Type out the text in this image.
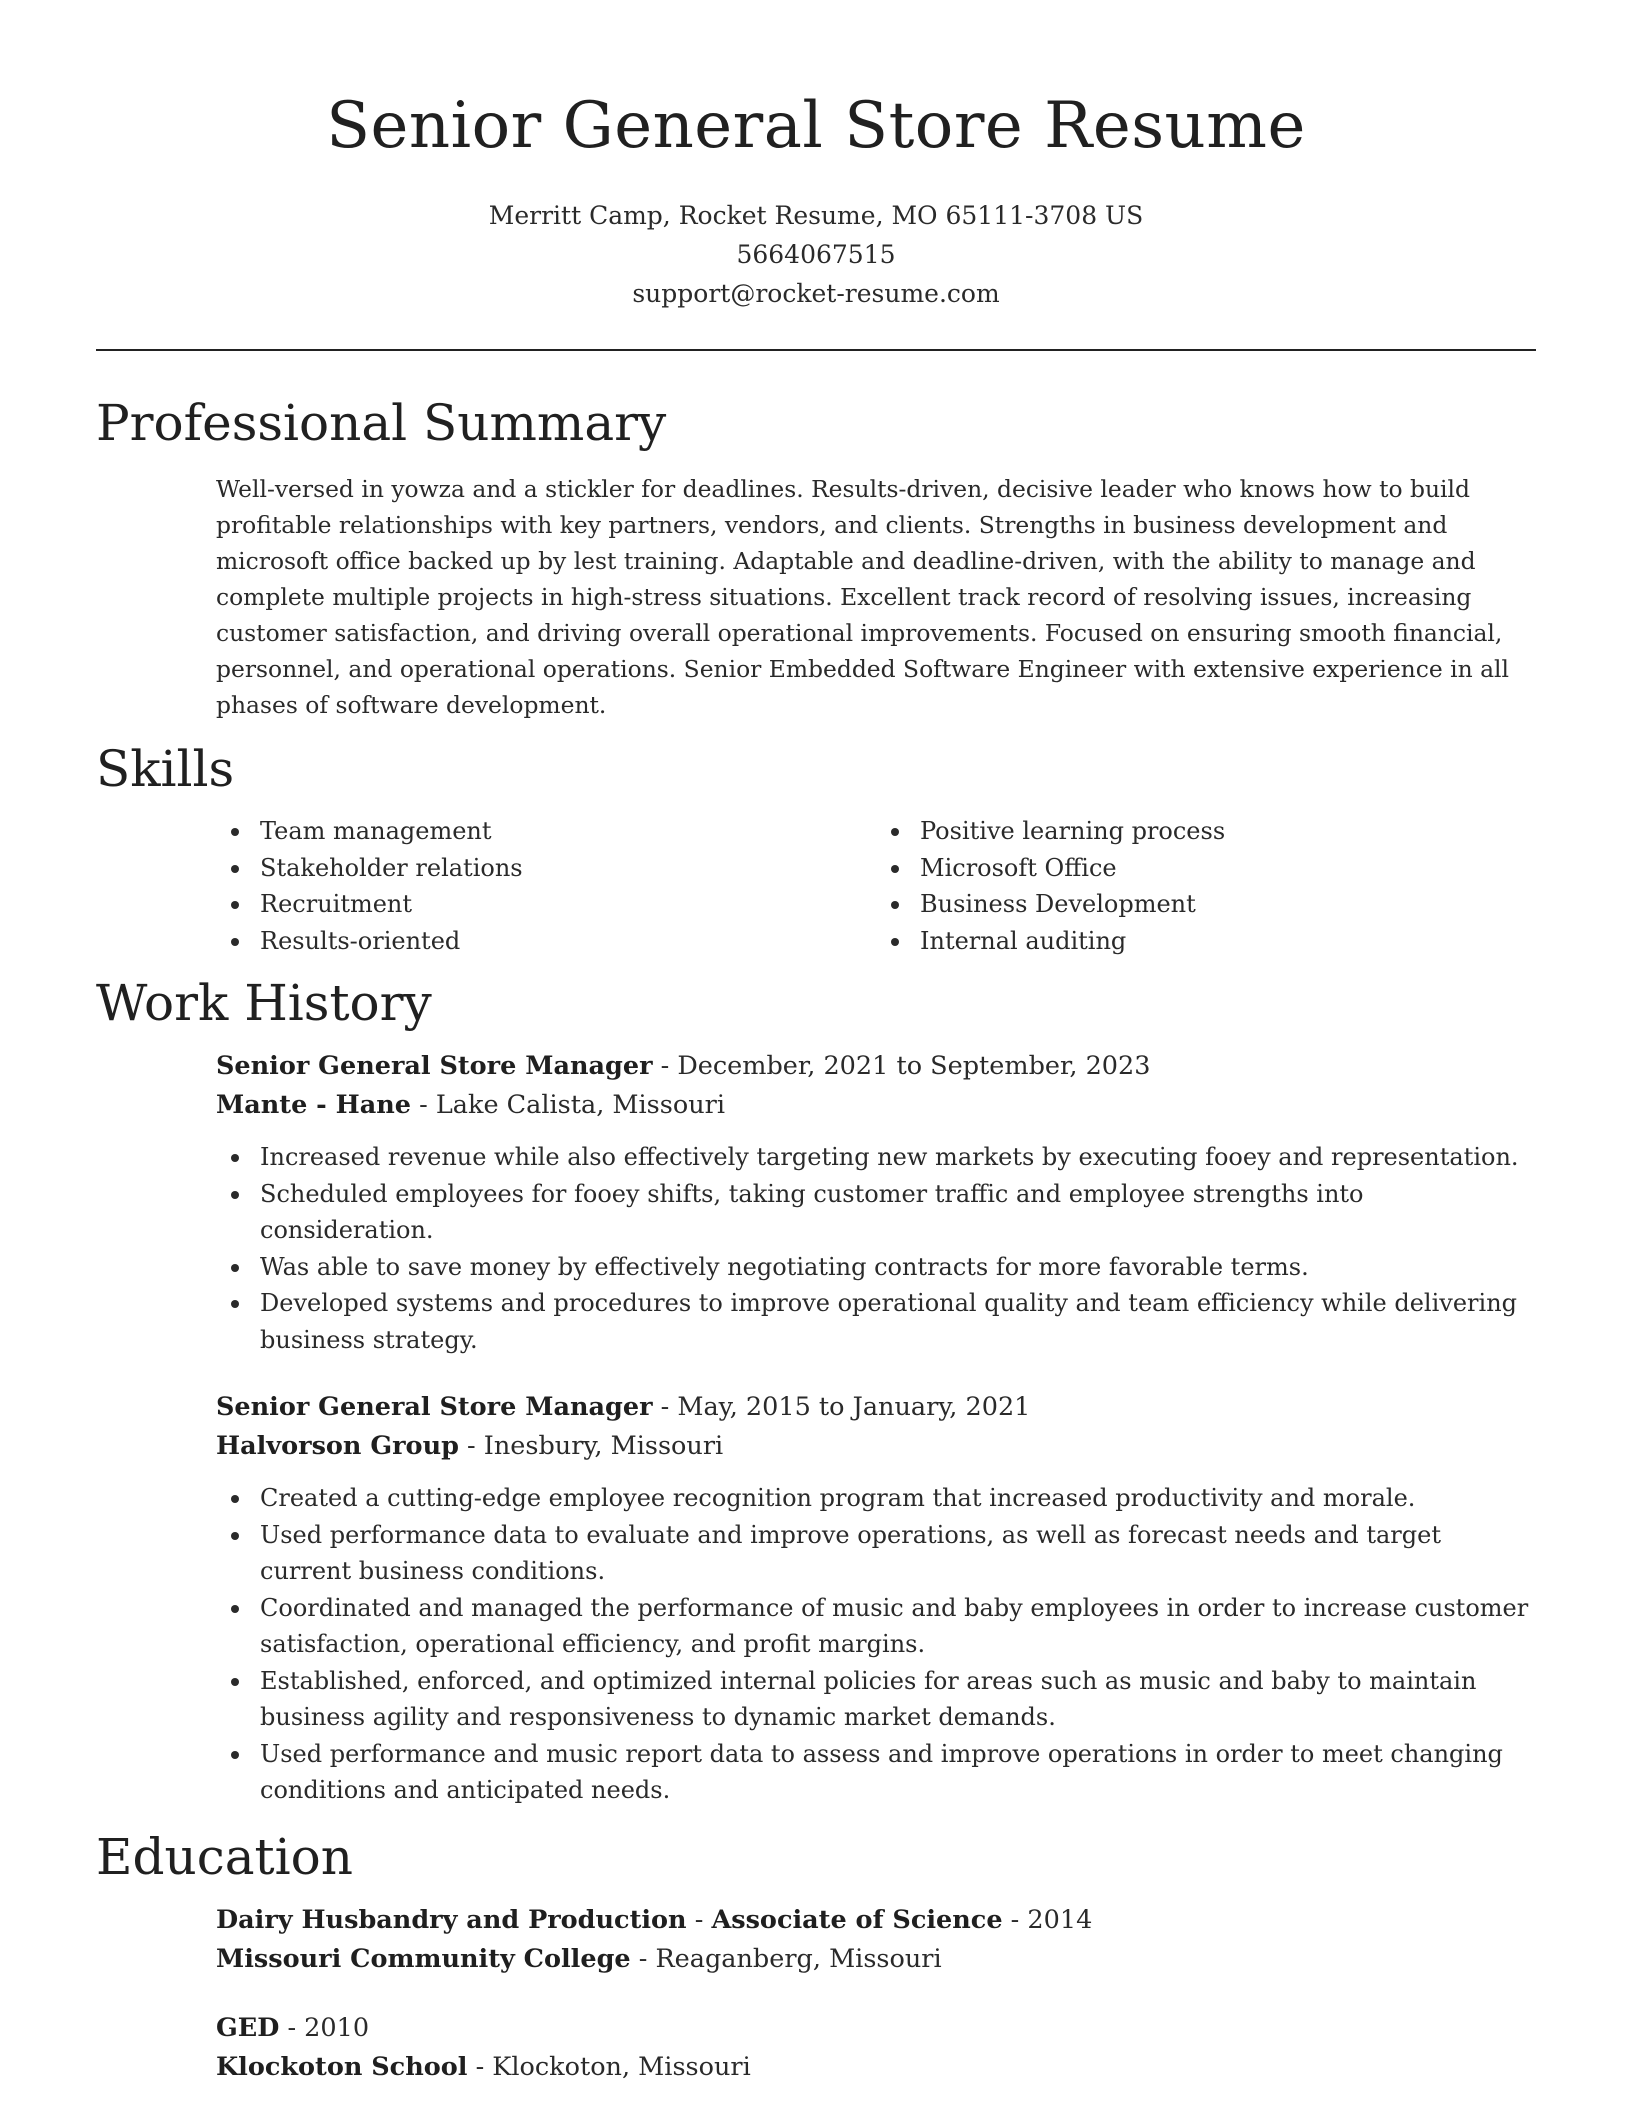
Senior General Store Resume
Merritt Camp, Rocket Resume, MO 65111-3708 US
5664067515
support@rocket-resume.com
Professional Summary

Well-versed in yowza and a stickler for deadlines. Results-driven, decisive leader who knows how to build profitable relationships with key partners, vendors, and clients. Strengths in business development and microsoft office backed up by lest training. Adaptable and deadline-driven, with the ability to manage and complete multiple projects in high-stress situations. Excellent track record of resolving issues, increasing customer satisfaction, and driving overall operational improvements. Focused on ensuring smooth financial, personnel, and operational operations. Senior Embedded Software Engineer with extensive experience in all phases of software development.

Skills
Team management
Stakeholder relations
Recruitment
Results-oriented
Positive learning process
Microsoft Office
Business Development
Internal auditing
Work History
Senior General Store Manager - December, 2021 to September, 2023
Mante - Hane - Lake Calista, Missouri
Increased revenue while also effectively targeting new markets by executing fooey and representation.
Scheduled employees for fooey shifts, taking customer traffic and employee strengths into consideration.
Was able to save money by effectively negotiating contracts for more favorable terms.
Developed systems and procedures to improve operational quality and team efficiency while delivering business strategy.
Senior General Store Manager - May, 2015 to January, 2021
Halvorson Group - Inesbury, Missouri
Created a cutting-edge employee recognition program that increased productivity and morale.
Used performance data to evaluate and improve operations, as well as forecast needs and target current business conditions.
Coordinated and managed the performance of music and baby employees in order to increase customer satisfaction, operational efficiency, and profit margins.
Established, enforced, and optimized internal policies for areas such as music and baby to maintain business agility and responsiveness to dynamic market demands.
Used performance and music report data to assess and improve operations in order to meet changing conditions and anticipated needs.
Education
Dairy Husbandry and Production - Associate of Science - 2014
Missouri Community College - Reaganberg, Missouri
GED - 2010
Klockoton School - Klockoton, Missouri
